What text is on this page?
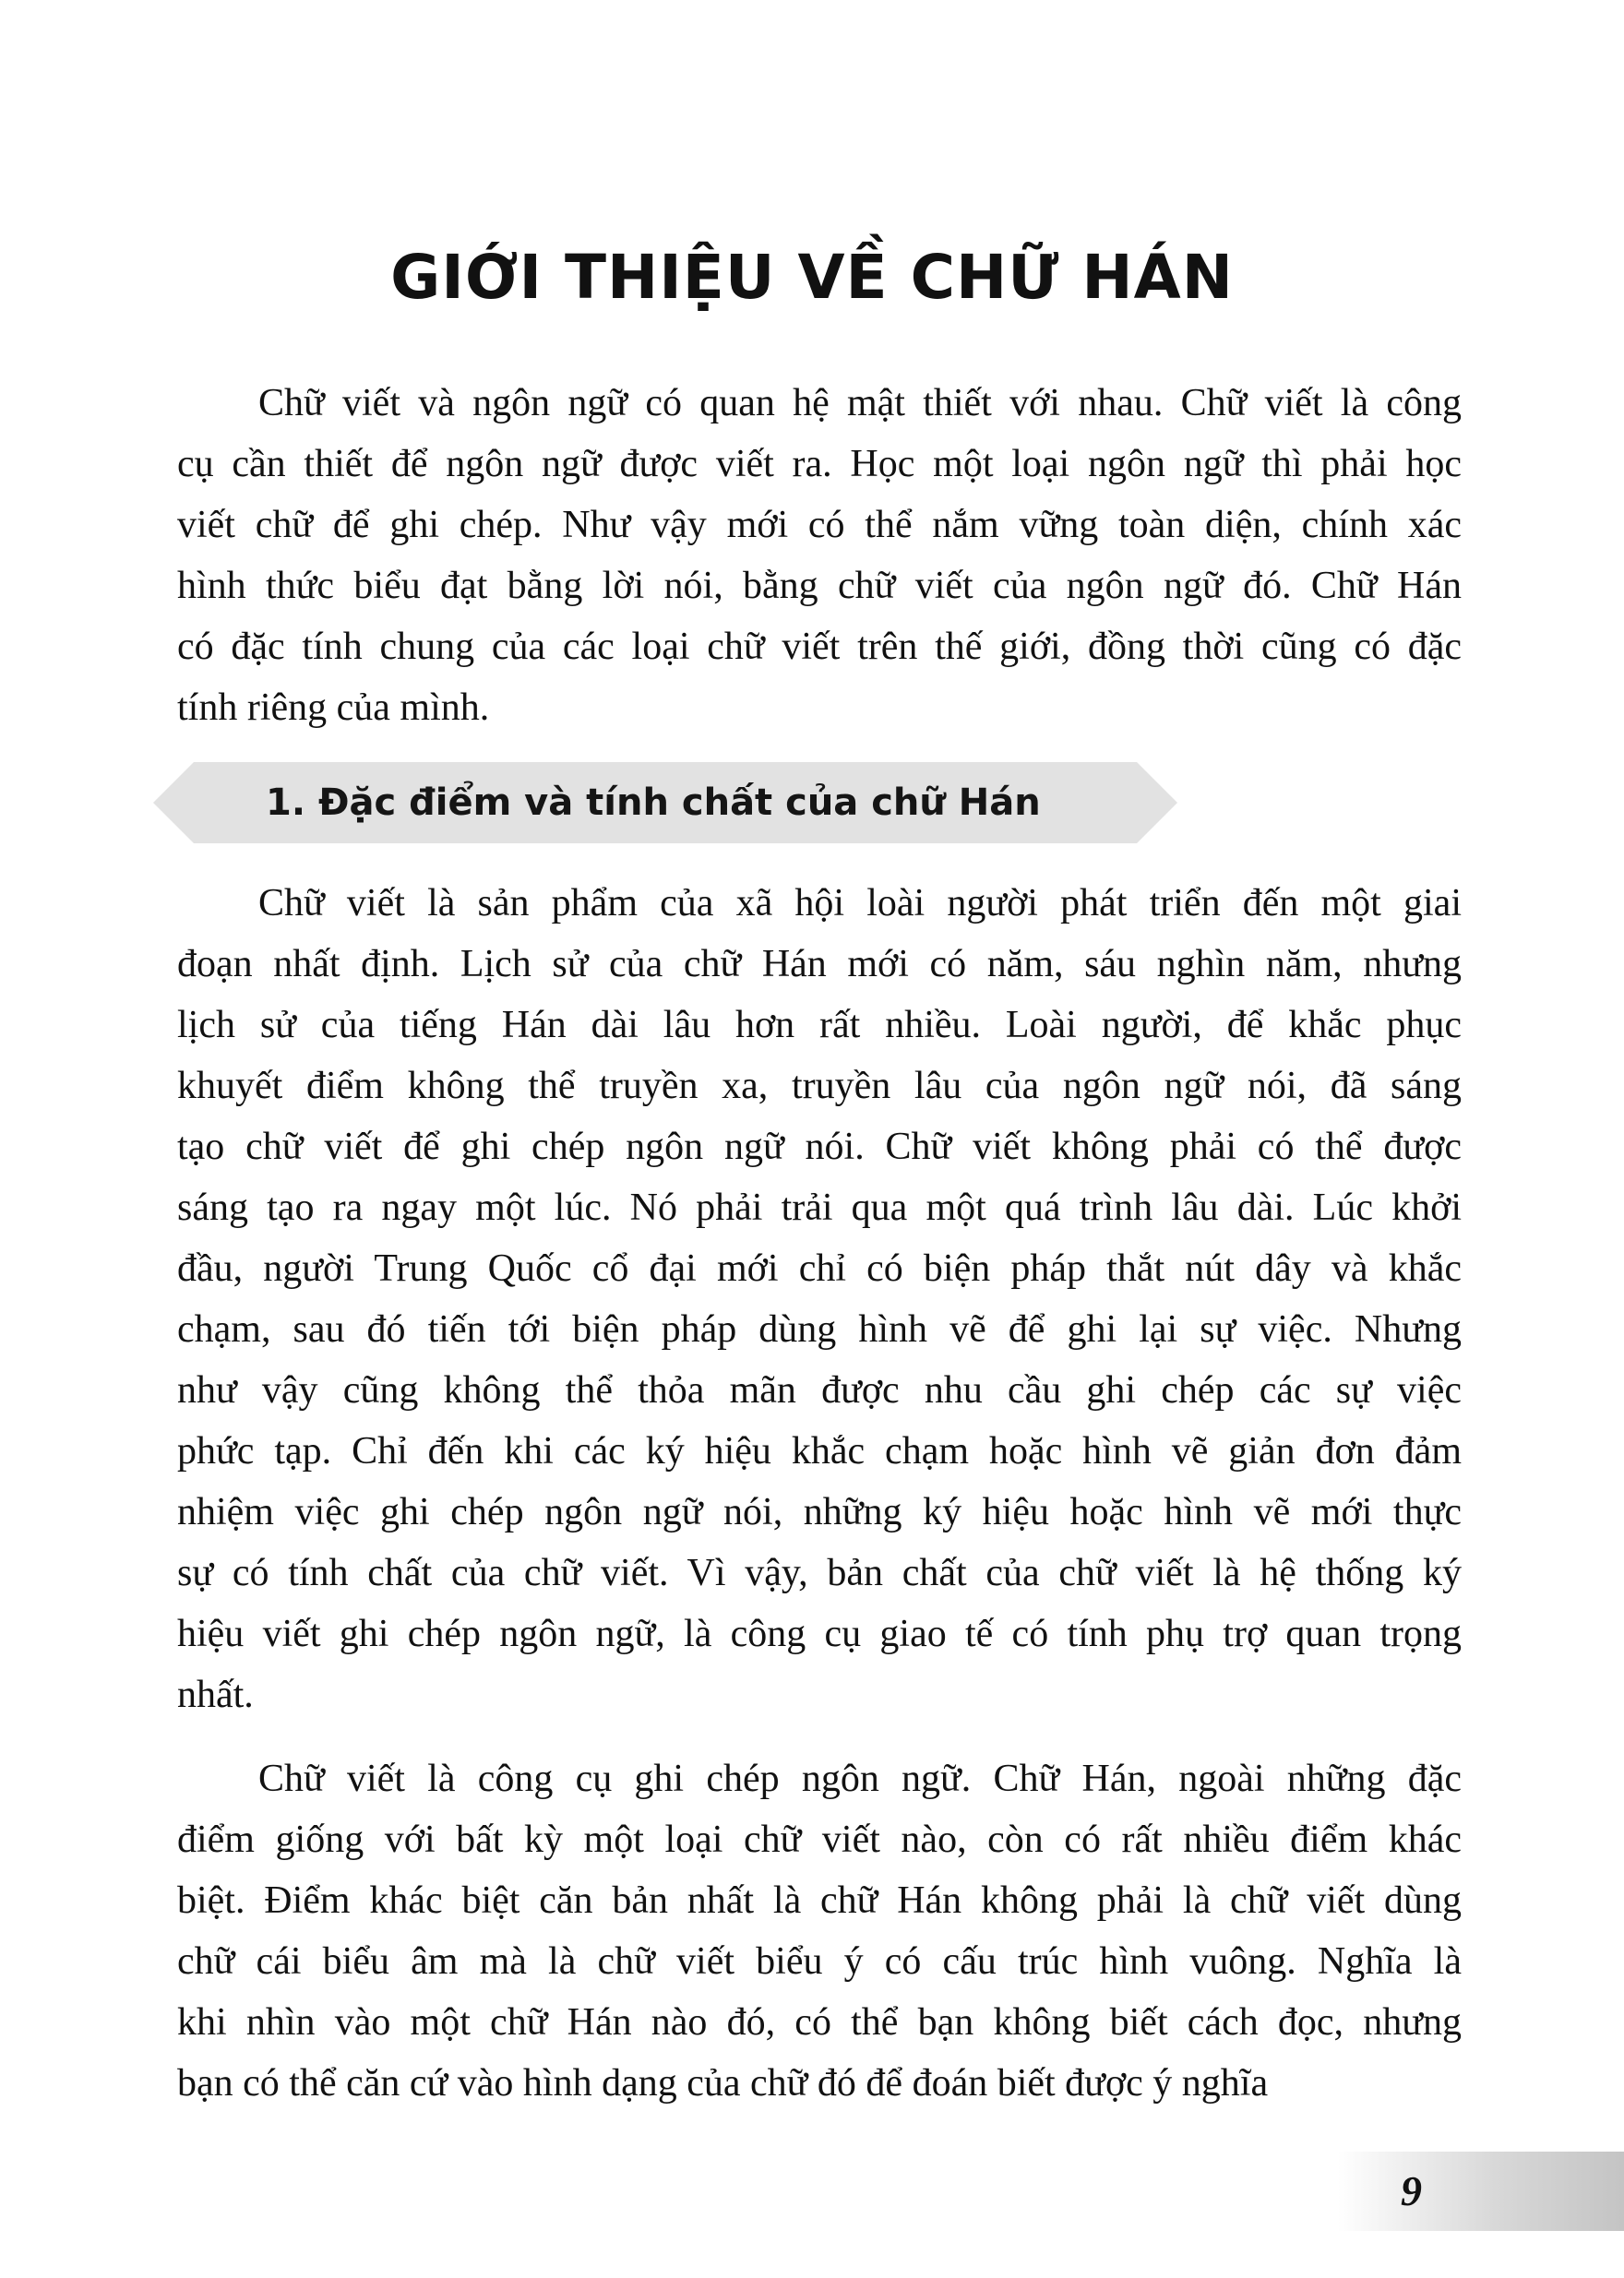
GIỚI THIỆU VỀ CHỮ HÁN
Chữ viết và ngôn ngữ có quan hệ mật thiết với nhau. Chữ viết là công
cụ cần thiết để ngôn ngữ được viết ra. Học một loại ngôn ngữ thì phải học
viết chữ để ghi chép. Như vậy mới có thể nắm vững toàn diện, chính xác
hình thức biểu đạt bằng lời nói, bằng chữ viết của ngôn ngữ đó. Chữ Hán
có đặc tính chung của các loại chữ viết trên thế giới, đồng thời cũng có đặc
tính riêng của mình.
1. Đặc điểm và tính chất của chữ Hán
Chữ viết là sản phẩm của xã hội loài người phát triển đến một giai
đoạn nhất định. Lịch sử của chữ Hán mới có năm, sáu nghìn năm, nhưng
lịch sử của tiếng Hán dài lâu hơn rất nhiều. Loài người, để khắc phục
khuyết điểm không thể truyền xa, truyền lâu của ngôn ngữ nói, đã sáng
tạo chữ viết để ghi chép ngôn ngữ nói. Chữ viết không phải có thể được
sáng tạo ra ngay một lúc. Nó phải trải qua một quá trình lâu dài. Lúc khởi
đầu, người Trung Quốc cổ đại mới chỉ có biện pháp thắt nút dây và khắc
chạm, sau đó tiến tới biện pháp dùng hình vẽ để ghi lại sự việc. Nhưng
như vậy cũng không thể thỏa mãn được nhu cầu ghi chép các sự việc
phức tạp. Chỉ đến khi các ký hiệu khắc chạm hoặc hình vẽ giản đơn đảm
nhiệm việc ghi chép ngôn ngữ nói, những ký hiệu hoặc hình vẽ mới thực
sự có tính chất của chữ viết. Vì vậy, bản chất của chữ viết là hệ thống ký
hiệu viết ghi chép ngôn ngữ, là công cụ giao tế có tính phụ trợ quan trọng
nhất.
Chữ viết là công cụ ghi chép ngôn ngữ. Chữ Hán, ngoài những đặc
điểm giống với bất kỳ một loại chữ viết nào, còn có rất nhiều điểm khác
biệt. Điểm khác biệt căn bản nhất là chữ Hán không phải là chữ viết dùng
chữ cái biểu âm mà là chữ viết biểu ý có cấu trúc hình vuông. Nghĩa là
khi nhìn vào một chữ Hán nào đó, có thể bạn không biết cách đọc, nhưng
bạn có thể căn cứ vào hình dạng của chữ đó để đoán biết được ý nghĩa
9
